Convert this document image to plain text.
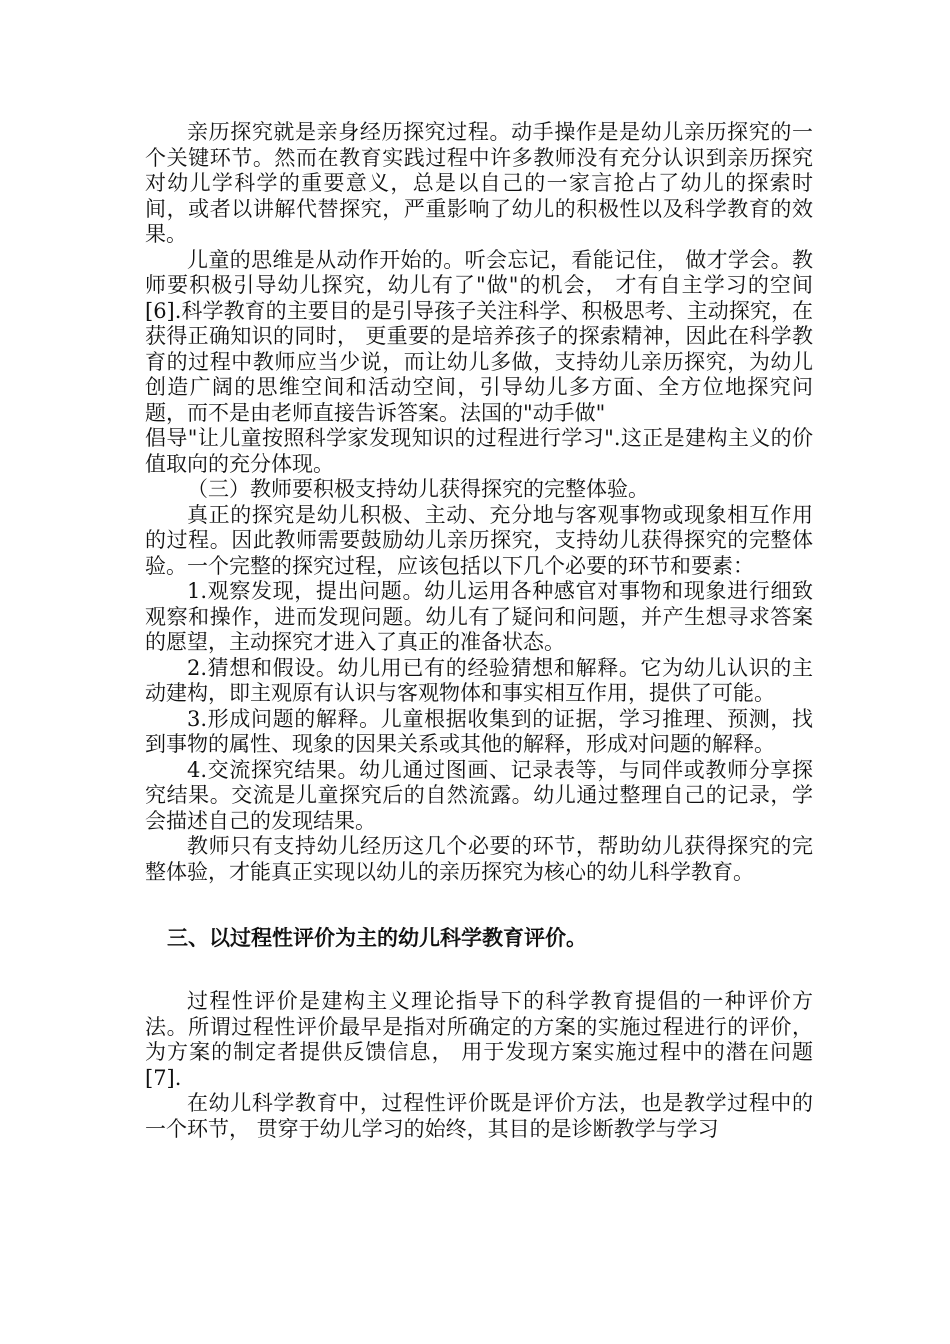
亲历探究就是亲身经历探究过程。动手操作是是幼儿亲历探究的一个关键环节。然而在教育实践过程中许多教师没有充分认识到亲历探究对幼儿学科学的重要意义，总是以自己的一家言抢占了幼儿的探索时间，或者以讲解代替探究，严重影响了幼儿的积极性以及科学教育的效果。

儿童的思维是从动作开始的。听会忘记，看能记住， 做才学会。教师要积极引导幼儿探究，幼儿有了"做"的机会， 才有自主学习的空间[6].科学教育的主要目的是引导孩子关注科学、积极思考、主动探究，在获得正确知识的同时， 更重要的是培养孩子的探索精神，因此在科学教育的过程中教师应当少说，而让幼儿多做，支持幼儿亲历探究，为幼儿创造广阔的思维空间和活动空间，引导幼儿多方面、全方位地探究问题，而不是由老师直接告诉答案。法国的"动手做"
倡导"让儿童按照科学家发现知识的过程进行学习".这正是建构主义的价值取向的充分体现。

（三）教师要积极支持幼儿获得探究的完整体验。

真正的探究是幼儿积极、主动、充分地与客观事物或现象相互作用的过程。因此教师需要鼓励幼儿亲历探究，支持幼儿获得探究的完整体验。一个完整的探究过程，应该包括以下几个必要的环节和要素：

1.观察发现，提出问题。幼儿运用各种感官对事物和现象进行细致观察和操作，进而发现问题。幼儿有了疑问和问题，并产生想寻求答案的愿望，主动探究才进入了真正的准备状态。

2.猜想和假设。幼儿用已有的经验猜想和解释。它为幼儿认识的主动建构，即主观原有认识与客观物体和事实相互作用，提供了可能。

3.形成问题的解释。儿童根据收集到的证据，学习推理、预测，找到事物的属性、现象的因果关系或其他的解释，形成对问题的解释。

4.交流探究结果。幼儿通过图画、记录表等，与同伴或教师分享探究结果。交流是儿童探究后的自然流露。幼儿通过整理自己的记录，学会描述自己的发现结果。

教师只有支持幼儿经历这几个必要的环节，帮助幼儿获得探究的完整体验，才能真正实现以幼儿的亲历探究为核心的幼儿科学教育。

三、以过程性评价为主的幼儿科学教育评价。

过程性评价是建构主义理论指导下的科学教育提倡的一种评价方法。所谓过程性评价最早是指对所确定的方案的实施过程进行的评价，为方案的制定者提供反馈信息， 用于发现方案实施过程中的潜在问题[7].

在幼儿科学教育中，过程性评价既是评价方法，也是教学过程中的一个环节， 贯穿于幼儿学习的始终，其目的是诊断教学与学习
